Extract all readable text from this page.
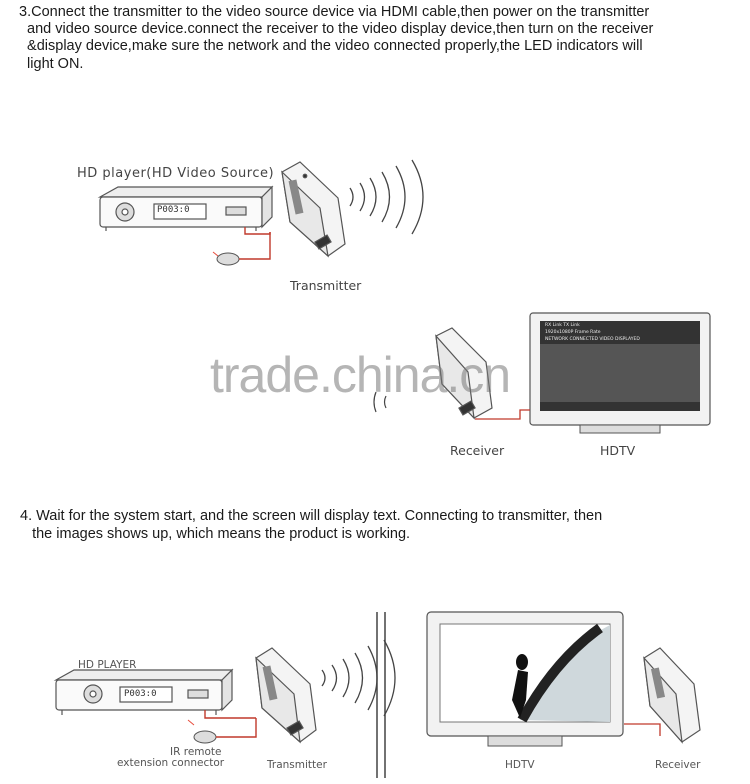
3.Connect the transmitter to the video source device via HDMI cable,then power on the transmitter
and video source device.connect the receiver to the video display device,then turn on the receiver
&display device,make sure the network and the video connected properly,the LED indicators will
light ON.
HD player(HD Video Source)
P003:0
Transmitter
RX Link TX Link
1920x1080P Frame Rate
NETWORK CONNECTED VIDEO DISPLAYED
trade.china.cn
Receiver	HDTV
4. Wait for the system start, and the screen will display text. Connecting to transmitter, then
the images shows up, which means the product is working.
HD PLAYER
P003:0
IR remote
extension connector	Transmitter	HDTV	Receiver
